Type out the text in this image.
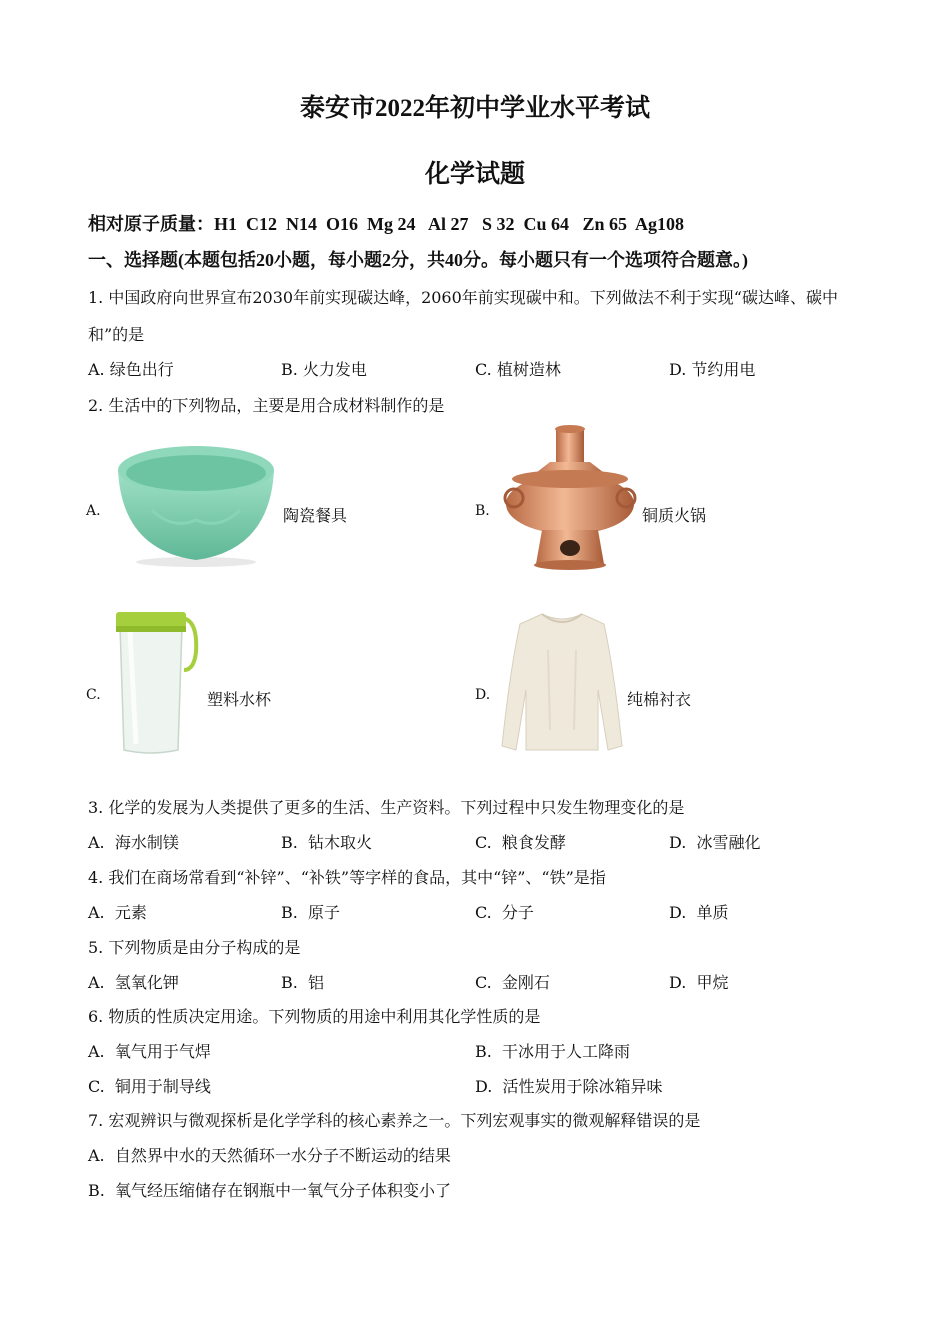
泰安市2022年初中学业水平考试
化学试题
相对原子质量：H1  C12  N14  O16  Mg 24   Al 27   S 32  Cu 64   Zn 65  Ag108
一、选择题(本题包括20小题，每小题2分，共40分。每小题只有一个选项符合题意。)
1. 中国政府向世界宣布2030年前实现碳达峰，2060年前实现碳中和。下列做法不利于实现“碳达峰、碳中
和”的是
A. 绿色出行	B. 火力发电	C. 植树造林	D. 节约用电
2. 生活中的下列物品，主要是用合成材料制作的是
A.	陶瓷餐具	B.	铜质火锅
C.	塑料水杯	D.	纯棉衬衣
3. 化学的发展为人类提供了更多的生活、生产资料。下列过程中只发生物理变化的是
A.  海水制镁	B.  钻木取火	C.  粮食发酵	D.  冰雪融化
4. 我们在商场常看到“补锌”、“补铁”等字样的食品，其中“锌”、“铁”是指
A.  元素	B.  原子	C.  分子	D.  单质
5. 下列物质是由分子构成的是
A.  氢氧化钾	B.  铝	C.  金刚石	D.  甲烷
6. 物质的性质决定用途。下列物质的用途中利用其化学性质的是
A.  氧气用于气焊	B.  干冰用于人工降雨
C.  铜用于制导线	D.  活性炭用于除冰箱异味
7. 宏观辨识与微观探析是化学学科的核心素养之一。下列宏观事实的微观解释错误的是
A.  自然界中水的天然循环一水分子不断运动的结果
B.  氧气经压缩储存在钢瓶中一氧气分子体积变小了
